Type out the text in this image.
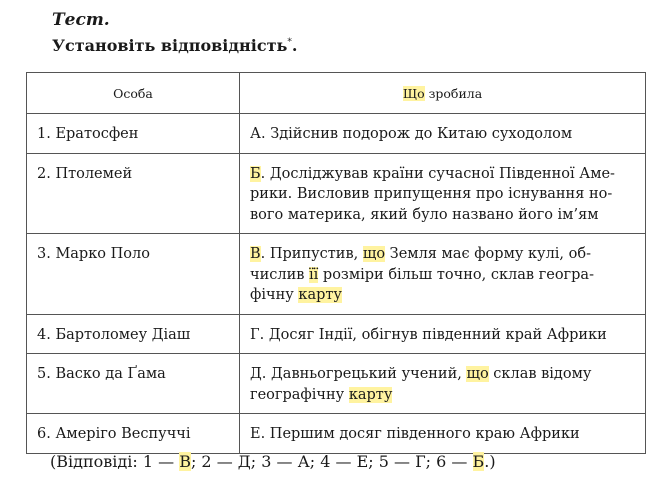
Тест.
Установіть відповідність*.
Особа	Що зробила
1. Ератосфен	А. Здійснив подорож до Китаю суходолом
2. Птолемей	Б. Досліджував країни сучасної Південної Аме-
рики. Висловив припущення про існування но-
вого материка, який було названо його ім’ям
3. Марко Поло	В. Припустив, що Земля має форму кулі, об-
числив її розміри більш точно, склав геогра-
фічну карту
4. Бартоломеу Діаш	Г. Досяг Індії, обігнув південний край Африки
5. Васко да Ґама	Д. Давньогрецький учений, що склав відому
географічну карту
6. Амеріго Веспуччі	Е. Першим досяг південного краю Африки
(Відповіді: 1 — В; 2 — Д; 3 — А; 4 — Е; 5 — Г; 6 — Б.)
